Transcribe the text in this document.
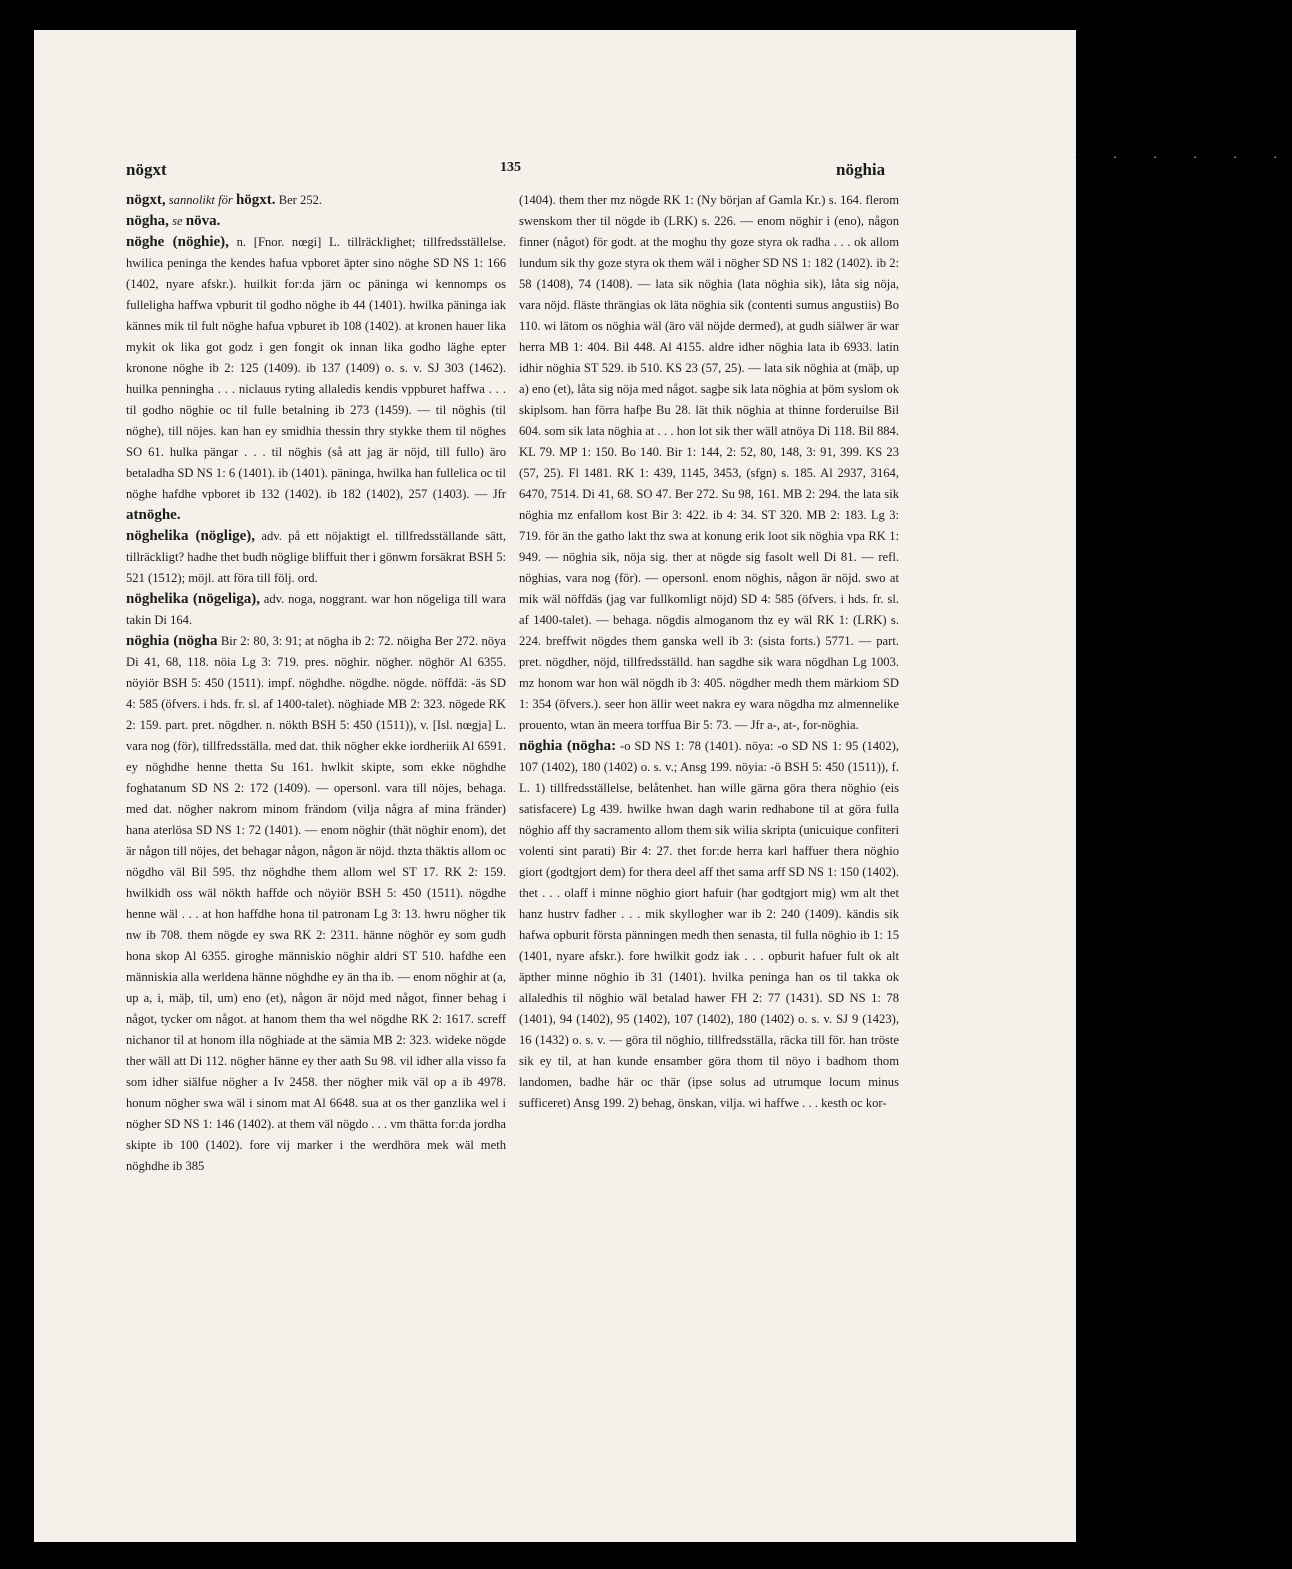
nögxt	135	nöghia

nögxt, sannolikt för högxt. Ber 252.

nögha, se növa.

nöghe (nöghie), n. [Fnor. nœgi] L. tillräcklighet; tillfredsställelse. hwilica peninga the kendes hafua vpboret äpter sino nöghe SD NS 1: 166 (1402, nyare afskr.). huilkit for:da järn oc päninga wi kennomps os fulleligha haffwa vpburit til godho nöghe ib 44 (1401). hwilka päninga iak kännes mik til fult nöghe hafua vpburet ib 108 (1402). at kronen hauer lika mykit ok lika got godz i gen fongit ok innan lika godho läghe epter kronone nöghe ib 2: 125 (1409). ib 137 (1409) o. s. v. SJ 303 (1462). huilka penningha . . . niclauus ryting allaledis kendis vppburet haffwa . . . til godho nöghie oc til fulle betalning ib 273 (1459). — til nöghis (til nöghe), till nöjes. kan han ey smidhia thessin thry stykke them til nöghes SO 61. hulka pängar . . . til nöghis (så att jag är nöjd, till fullo) äro betaladha SD NS 1: 6 (1401). ib (1401). päninga, hwilka han fullelica oc til nöghe hafdhe vpboret ib 132 (1402). ib 182 (1402), 257 (1403). — Jfr atnöghe.

nöghelika (nöglige), adv. på ett nöjaktigt el. tillfredsställande sätt, tillräckligt? hadhe thet budh nöglige bliffuit ther i gönwm forsäkrat BSH 5: 521 (1512); möjl. att föra till följ. ord.

nöghelika (nögeliga), adv. noga, noggrant. war hon nögeliga till wara takin Di 164.

nöghia (nögha Bir 2: 80, 3: 91; at nögha ib 2: 72. nöigha Ber 272. nöya Di 41, 68, 118. nöia Lg 3: 719. pres. nöghir. nögher. nöghör Al 6355. nöyiör BSH 5: 450 (1511). impf. nöghdhe. nögdhe. nögde. nöffdä: -äs SD 4: 585 (öfvers. i hds. fr. sl. af 1400-talet). nöghiade MB 2: 323. nögede RK 2: 159. part. pret. nögdher. n. nökth BSH 5: 450 (1511)), v. [Isl. nœgja] L. vara nog (för), tillfredsställa. med dat. thik nögher ekke iordheriik Al 6591. ey nöghdhe henne thetta Su 161. hwlkit skipte, som ekke nöghdhe foghatanum SD NS 2: 172 (1409). — opersonl. vara till nöjes, behaga. med dat. nögher nakrom minom frändom (vilja några af mina fränder) hana aterlösa SD NS 1: 72 (1401). — enom nöghir (thät nöghir enom), det är någon till nöjes, det behagar någon, någon är nöjd. thzta thäktis allom oc nögdho väl Bil 595. thz nöghdhe them allom wel ST 17. RK 2: 159. hwilkidh oss wäl nökth haffde och nöyiör BSH 5: 450 (1511). nögdhe henne wäl . . . at hon haffdhe hona til patronam Lg 3: 13. hwru nögher tik nw ib 708. them nögde ey swa RK 2: 2311. hänne nöghör ey som gudh hona skop Al 6355. giroghe människio nöghir aldri ST 510. hafdhe een människia alla werldena hänne nöghdhe ey än tha ib. — enom nöghir at (a, up a, i, mäþ, til, um) eno (et), någon är nöjd med något, finner behag i något, tycker om något. at hanom them tha wel nögdhe RK 2: 1617. screff nichanor til at honom illa nöghiade at the sämia MB 2: 323. wideke nögde ther wäll att Di 112. nögher hänne ey ther aath Su 98. vil idher alla visso fa som idher siälfue nögher a Iv 2458. ther nögher mik väl op a ib 4978. honum nögher swa wäl i sinom mat Al 6648. sua at os ther ganzlika wel i nögher SD NS 1: 146 (1402). at them väl nögdo . . . vm thätta for:da jordha skipte ib 100 (1402). fore vij marker i the werdhöra mek wäl meth nöghdhe ib 385

(1404). them ther mz nögde RK 1: (Ny början af Gamla Kr.) s. 164. flerom swenskom ther til nögde ib (LRK) s. 226. — enom nöghir i (eno), någon finner (något) för godt. at the moghu thy goze styra ok radha . . . ok allom lundum sik thy goze styra ok them wäl i nögher SD NS 1: 182 (1402). ib 2: 58 (1408), 74 (1408). — lata sik nöghia (lata nöghia sik), låta sig nöja, vara nöjd. fläste thrängias ok läta nöghia sik (contenti sumus angustiis) Bo 110. wi lätom os nöghia wäl (äro väl nöjde dermed), at gudh siälwer är war herra MB 1: 404. Bil 448. Al 4155. aldre idher nöghia lata ib 6933. latin idhir nöghia ST 529. ib 510. KS 23 (57, 25). — lata sik nöghia at (mäþ, up a) eno (et), låta sig nöja med något. sagþe sik lata nöghia at þöm syslom ok skiplsom. han förra hafþe Bu 28. lät thik nöghia at thinne forderuilse Bil 604. som sik lata nöghia at . . . hon lot sik ther wäll atnöya Di 118. Bil 884. KL 79. MP 1: 150. Bo 140. Bir 1: 144, 2: 52, 80, 148, 3: 91, 399. KS 23 (57, 25). Fl 1481. RK 1: 439, 1145, 3453, (sfgn) s. 185. Al 2937, 3164, 6470, 7514. Di 41, 68. SO 47. Ber 272. Su 98, 161. MB 2: 294. the lata sik nöghia mz enfallom kost Bir 3: 422. ib 4: 34. ST 320. MB 2: 183. Lg 3: 719. för än the gatho lakt thz swa at konung erik loot sik nöghia vpa RK 1: 949. — nöghia sik, nöja sig. ther at nögde sig fasolt well Di 81. — refl. nöghias, vara nog (för). — opersonl. enom nöghis, någon är nöjd. swo at mik wäl nöffdäs (jag var fullkomligt nöjd) SD 4: 585 (öfvers. i hds. fr. sl. af 1400-talet). — behaga. nögdis almoganom thz ey wäl RK 1: (LRK) s. 224. breffwit nögdes them ganska well ib 3: (sista forts.) 5771. — part. pret. nögdher, nöjd, tillfredsställd. han sagdhe sik wara nögdhan Lg 1003. mz honom war hon wäl nögdh ib 3: 405. nögdher medh them märkiom SD 1: 354 (öfvers.). seer hon ällir weet nakra ey wara nögdha mz almennelike prouento, wtan än meera torffua Bir 5: 73. — Jfr a-, at-, for-nöghia.

nöghia (nögha: -o SD NS 1: 78 (1401). nöya: -o SD NS 1: 95 (1402), 107 (1402), 180 (1402) o. s. v.; Ansg 199. nöyia: -ö BSH 5: 450 (1511)), f. L. 1) tillfredsställelse, belåtenhet. han wille gärna göra thera nöghio (eis satisfacere) Lg 439. hwilke hwan dagh warin redhabone til at göra fulla nöghio aff thy sacramento allom them sik wilia skripta (unicuique confiteri volenti sint parati) Bir 4: 27. thet for:de herra karl haffuer thera nöghio giort (godtgjort dem) for thera deel aff thet sama arff SD NS 1: 150 (1402). thet . . . olaff i minne nöghio giort hafuir (har godtgjort mig) wm alt thet hanz hustrv fadher . . . mik skyllogher war ib 2: 240 (1409). kändis sik hafwa opburit första pänningen medh then senasta, til fulla nöghio ib 1: 15 (1401, nyare afskr.). fore hwilkit godz iak . . . opburit hafuer fult ok alt äpther minne nöghio ib 31 (1401). hvilka peninga han os til takka ok allaledhis til nöghio wäl betalad hawer FH 2: 77 (1431). SD NS 1: 78 (1401), 94 (1402), 95 (1402), 107 (1402), 180 (1402) o. s. v. SJ 9 (1423), 16 (1432) o. s. v. — göra til nöghio, tillfredsställa, räcka till för. han tröste sik ey til, at han kunde ensamber göra thom til nöyo i badhom thom landomen, badhe här oc thär (ipse solus ad utrumque locum minus sufficeret) Ansg 199. 2) behag, önskan, vilja. wi haffwe . . . kesth oc kor-

. . . . . .
